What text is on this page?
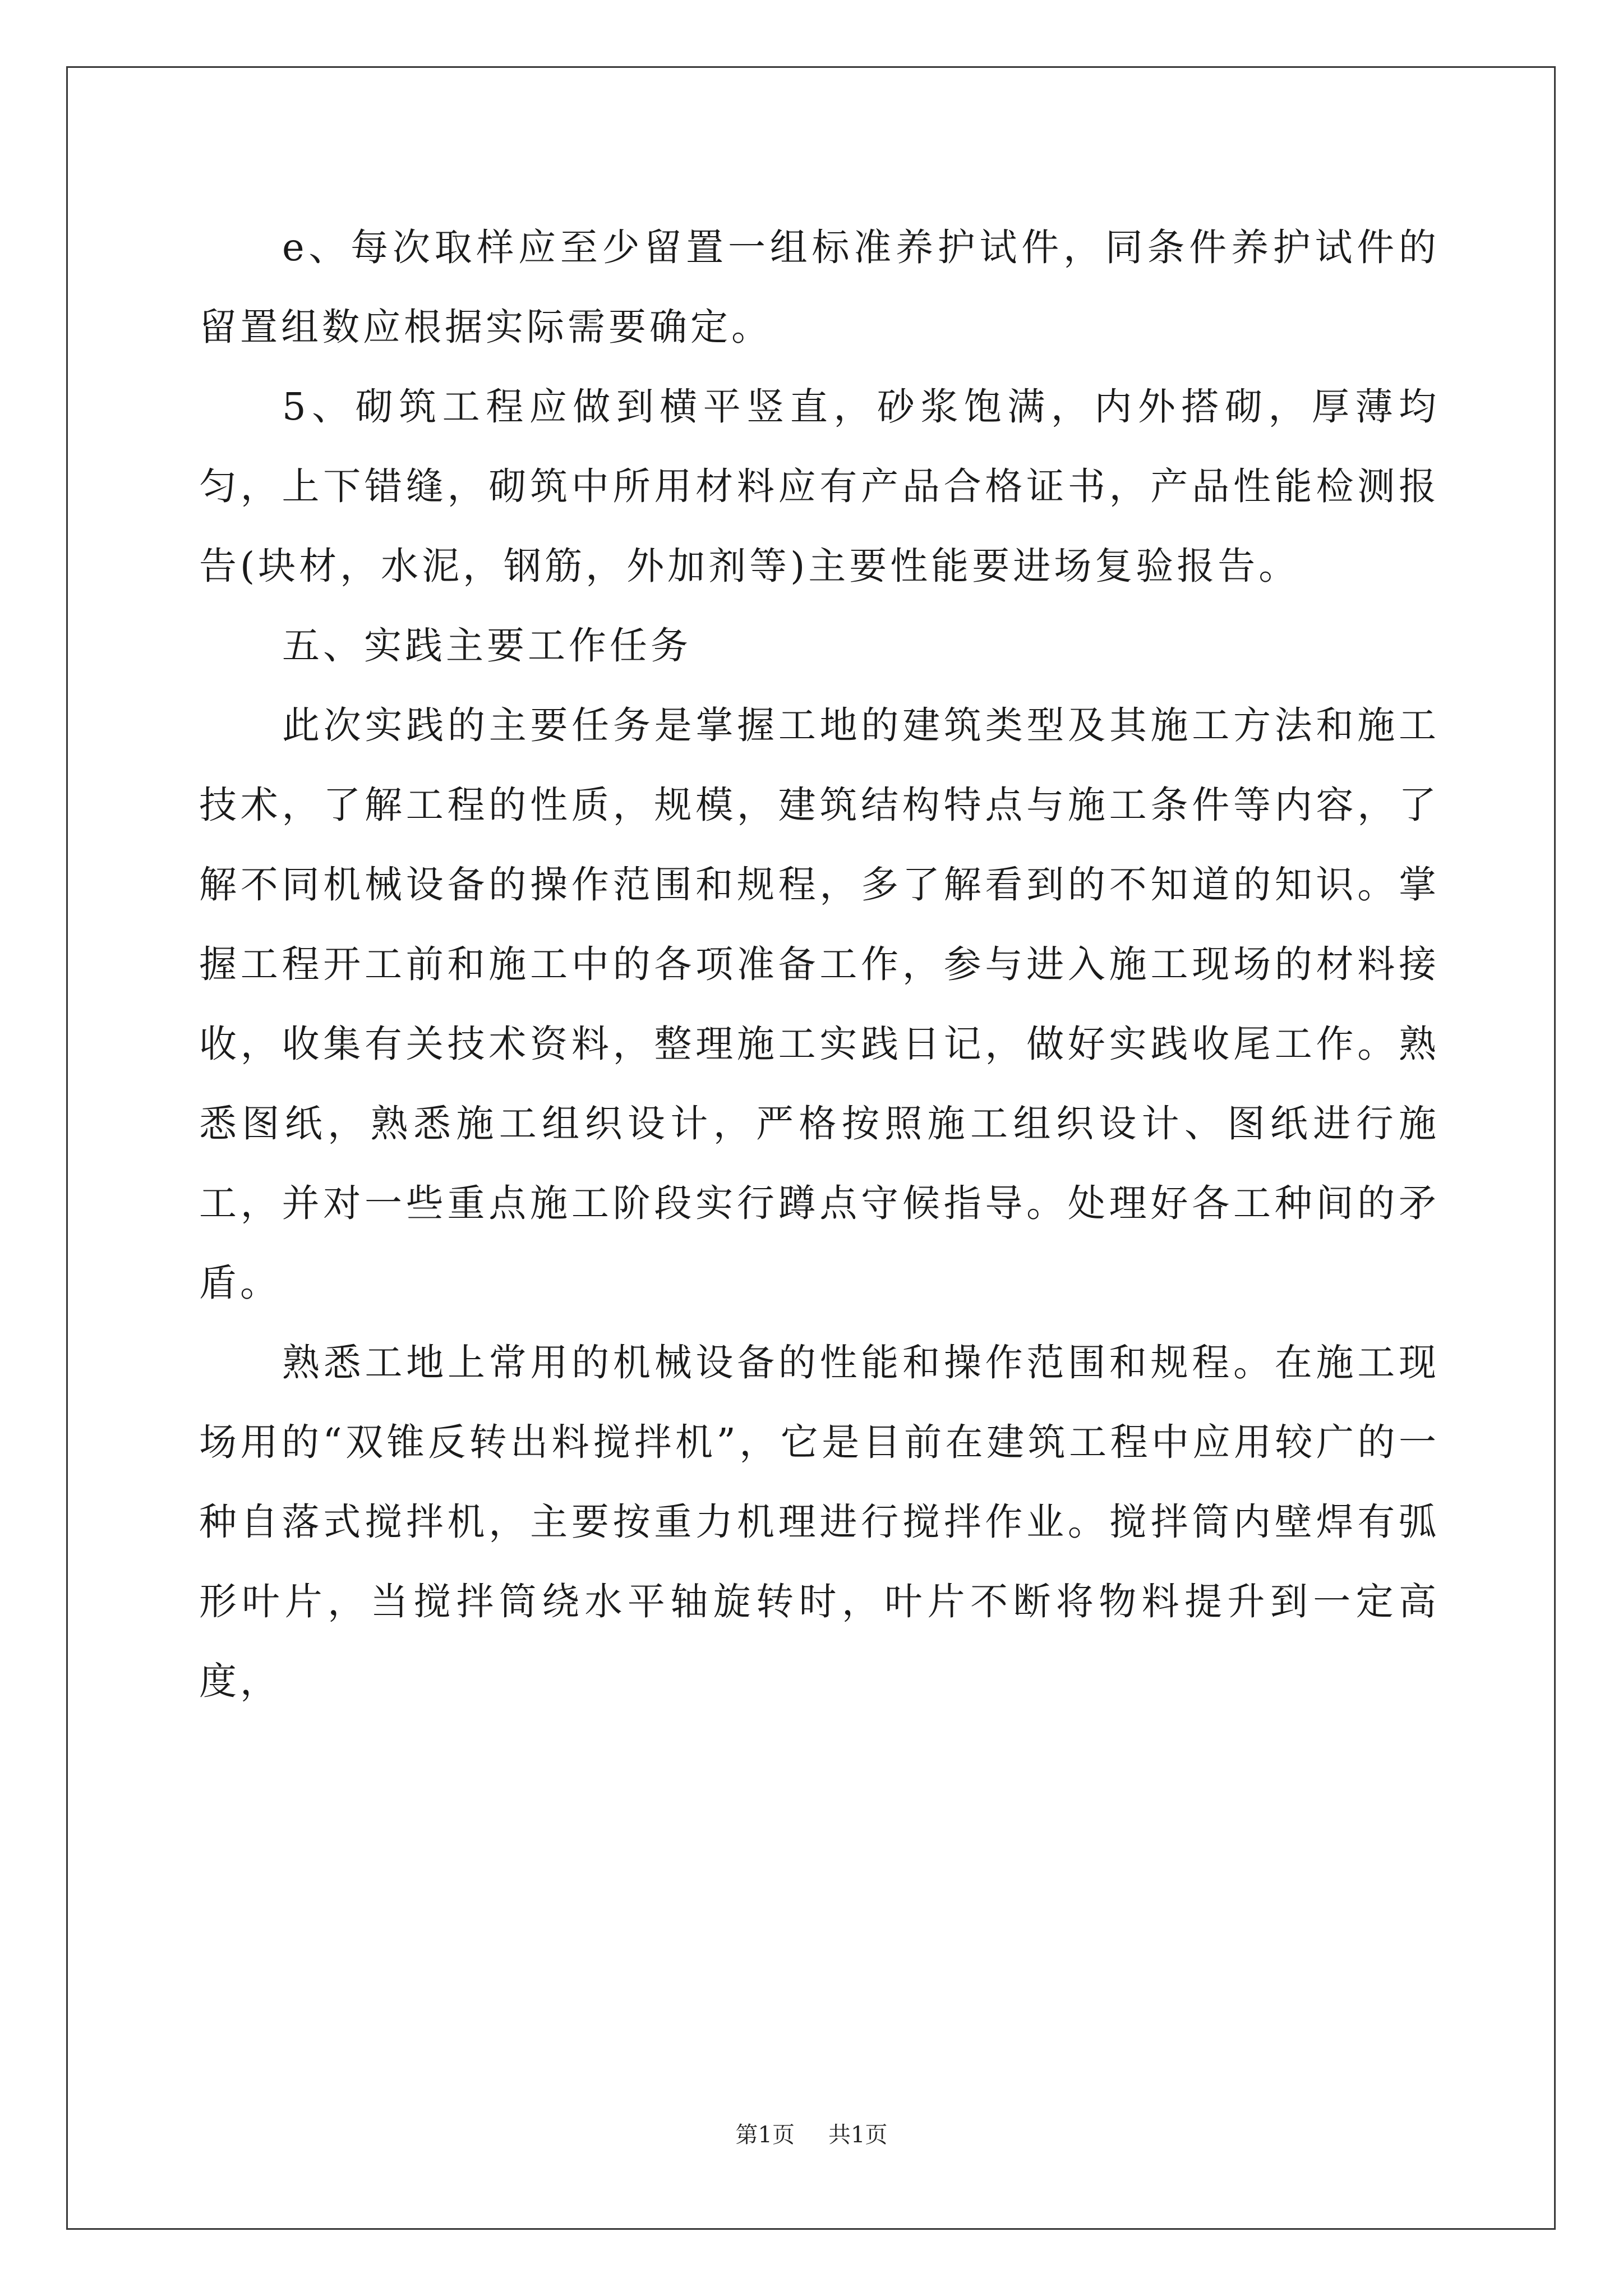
e、每次取样应至少留置一组标准养护试件，同条件养护试件的留置组数应根据实际需要确定。

5、砌筑工程应做到横平竖直，砂浆饱满，内外搭砌，厚薄均匀，上下错缝，砌筑中所用材料应有产品合格证书，产品性能检测报告(块材，水泥，钢筋，外加剂等)主要性能要进场复验报告。

五、实践主要工作任务

此次实践的主要任务是掌握工地的建筑类型及其施工方法和施工技术，了解工程的性质，规模，建筑结构特点与施工条件等内容，了解不同机械设备的操作范围和规程，多了解看到的不知道的知识。掌握工程开工前和施工中的各项准备工作，参与进入施工现场的材料接收，收集有关技术资料，整理施工实践日记，做好实践收尾工作。熟悉图纸，熟悉施工组织设计，严格按照施工组织设计、图纸进行施工，并对一些重点施工阶段实行蹲点守候指导。处理好各工种间的矛盾。

熟悉工地上常用的机械设备的性能和操作范围和规程。在施工现场用的“双锥反转出料搅拌机”，它是目前在建筑工程中应用较广的一种自落式搅拌机，主要按重力机理进行搅拌作业。搅拌筒内壁焊有弧形叶片，当搅拌筒绕水平轴旋转时，叶片不断将物料提升到一定高度，

第1页 共1页
